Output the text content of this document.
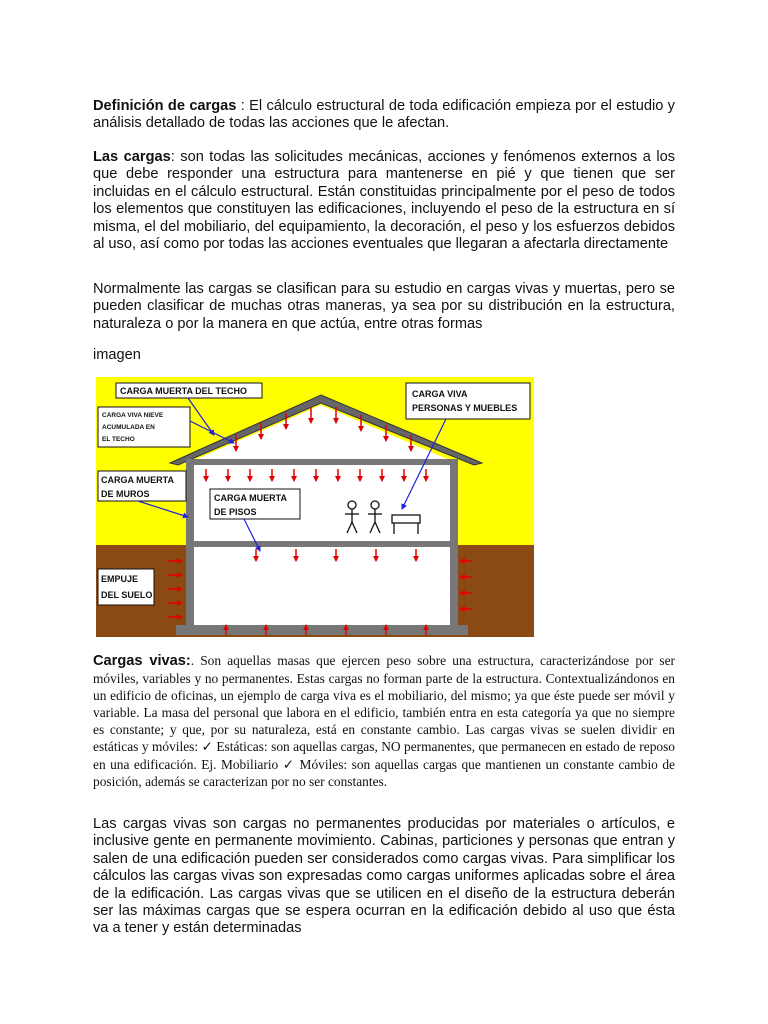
Definición de cargas : El cálculo estructural de toda edificación empieza por el estudio y análisis detallado de todas las acciones que le afectan.

Las cargas: son todas las solicitudes mecánicas, acciones y fenómenos externos a los que debe responder una estructura para mantenerse en pié y que tienen que ser incluidas en el cálculo estructural. Están constituidas principalmente por el peso de todos los elementos que constituyen las edificaciones, incluyendo el peso de la estructura en sí misma, el del mobiliario, del equipamiento, la decoración, el peso y los esfuerzos debidos al uso, así como por todas las acciones eventuales que llegaran a afectarla directamente

Normalmente las cargas se clasifican para su estudio en cargas vivas y muertas, pero se pueden clasificar de muchas otras maneras, ya sea por su distribución en la estructura, naturaleza o por la manera en que actúa, entre otras formas

imagen

Cargas vivas:. Son aquellas masas que ejercen peso sobre una estructura, caracterizándose por ser móviles, variables y no permanentes. Estas cargas no forman parte de la estructura. Contextualizándonos en un edificio de oficinas, un ejemplo de carga viva es el mobiliario, del mismo; ya que éste puede ser móvil y variable. La masa del personal que labora en el edificio, también entra en esta categoría ya que no siempre es constante; y que, por su naturaleza, está en constante cambio. Las cargas vivas se suelen dividir en estáticas y móviles: ✓ Estáticas: son aquellas cargas, NO permanentes, que permanecen en estado de reposo en una edificación. Ej. Mobiliario ✓ Móviles: son aquellas cargas que mantienen un constante cambio de posición, además se caracterizan por no ser constantes.

Las cargas vivas son cargas no permanentes producidas por materiales o artículos, e inclusive gente en permanente movimiento. Cabinas, particiones y personas que entran y salen de una edificación pueden ser considerados como cargas vivas. Para simplificar los cálculos las cargas vivas son expresadas como cargas uniformes aplicadas sobre el área de la edificación. Las cargas vivas que se utilicen en el diseño de la estructura deberán ser las máximas cargas que se espera ocurran en la edificación debido al uso que ésta va a tener y están determinadas

CARGA MUERTA DEL TECHO
CARGA VIVA NIEVE
ACUMULADA EN
EL TECHO
CARGA MUERTA
DE MUROS	CARGA MUERTA
DE PISOS
CARGA VIVA
PERSONAS Y MUEBLES
EMPUJE
DEL SUELO
